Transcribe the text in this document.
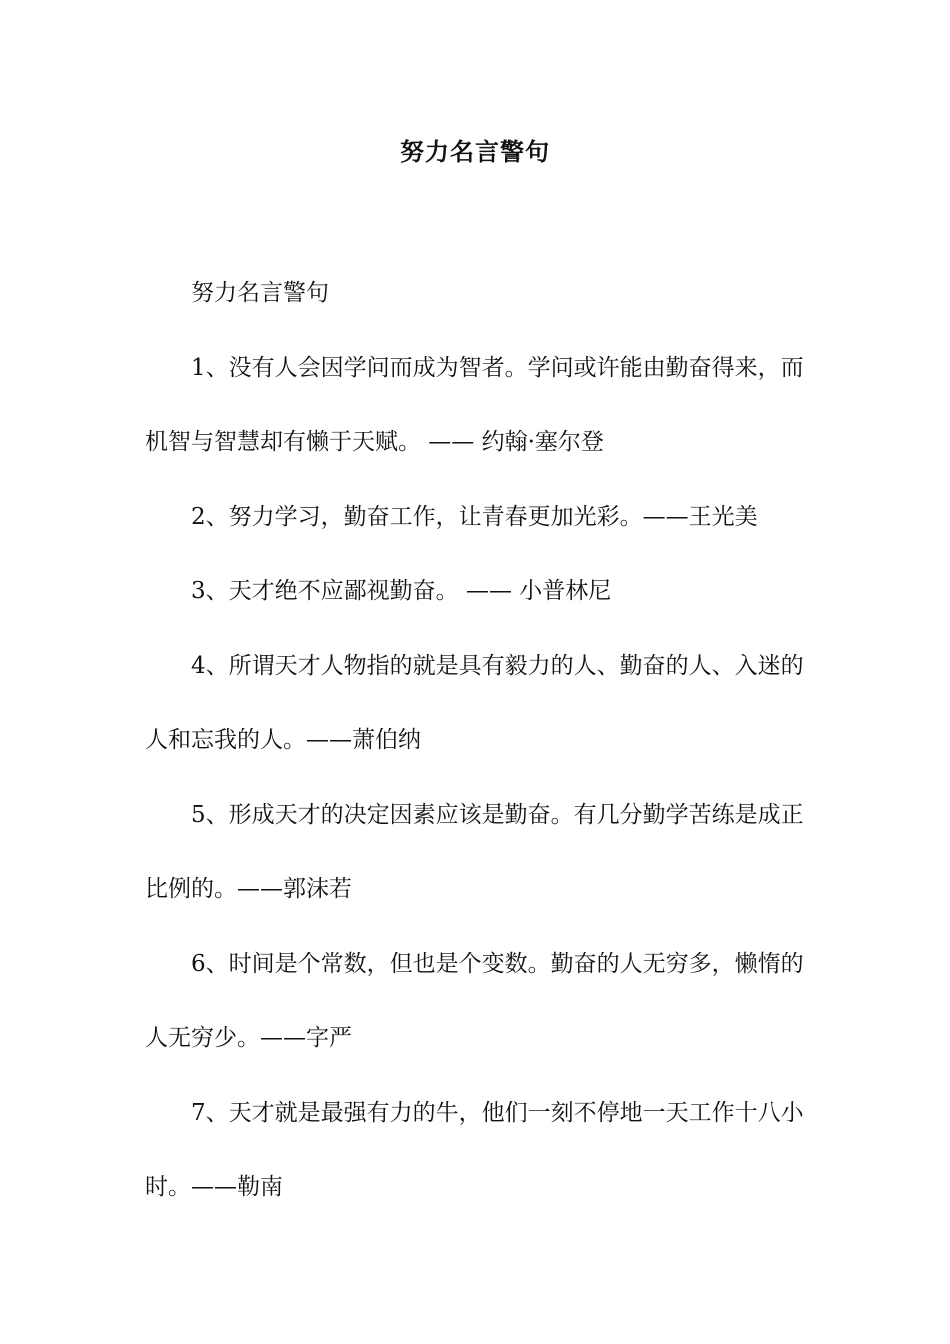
努力名言警句

努力名言警句

1、没有人会因学问而成为智者。学问或许能由勤奋得来，而机智与智慧却有懒于天赋。 —— 约翰·塞尔登

2、努力学习，勤奋工作，让青春更加光彩。——王光美

3、天才绝不应鄙视勤奋。 —— 小普林尼

4、所谓天才人物指的就是具有毅力的人、勤奋的人、入迷的人和忘我的人。——萧伯纳

5、形成天才的决定因素应该是勤奋。有几分勤学苦练是成正比例的。——郭沫若

6、时间是个常数，但也是个变数。勤奋的人无穷多，懒惰的人无穷少。——字严

7、天才就是最强有力的牛，他们一刻不停地一天工作十八小时。——勒南
